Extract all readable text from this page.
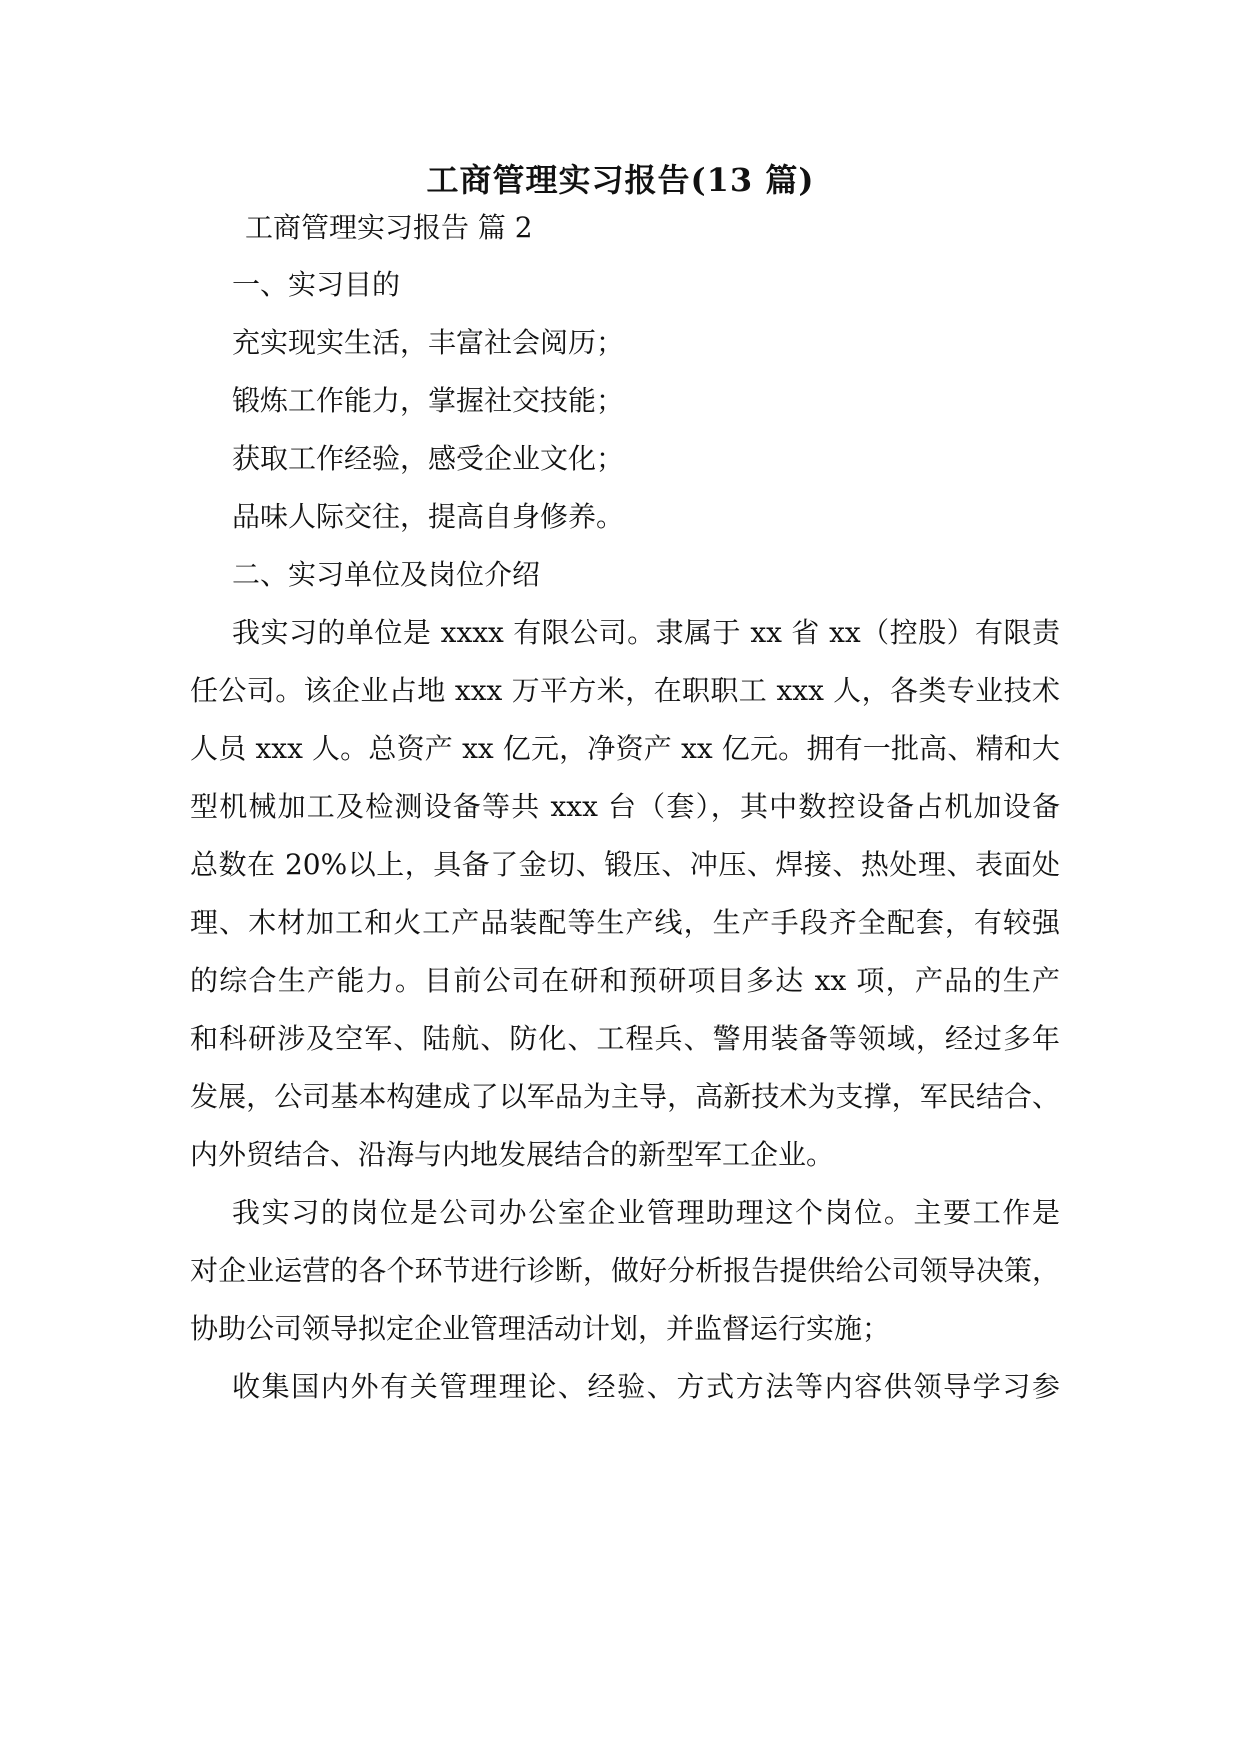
工商管理实习报告(13 篇)

工商管理实习报告 篇 2

一、实习目的

充实现实生活，丰富社会阅历；

锻炼工作能力，掌握社交技能；

获取工作经验，感受企业文化；

品味人际交往，提高自身修养。

二、实习单位及岗位介绍

我实习的单位是 xxxx 有限公司。隶属于 xx 省 xx（控股）有限责

任公司。该企业占地 xxx 万平方米，在职职工 xxx 人，各类专业技术

人员 xxx 人。总资产 xx 亿元，净资产 xx 亿元。拥有一批高、精和大

型机械加工及检测设备等共 xxx 台（套），其中数控设备占机加设备

总数在 20%以上，具备了金切、锻压、冲压、焊接、热处理、表面处

理、木材加工和火工产品装配等生产线，生产手段齐全配套，有较强

的综合生产能力。目前公司在研和预研项目多达 xx 项，产品的生产

和科研涉及空军、陆航、防化、工程兵、警用装备等领域，经过多年

发展，公司基本构建成了以军品为主导，高新技术为支撑，军民结合、

内外贸结合、沿海与内地发展结合的新型军工企业。

我实习的岗位是公司办公室企业管理助理这个岗位。主要工作是

对企业运营的各个环节进行诊断，做好分析报告提供给公司领导决策，

协助公司领导拟定企业管理活动计划，并监督运行实施；

收集国内外有关管理理论、经验、方式方法等内容供领导学习参
